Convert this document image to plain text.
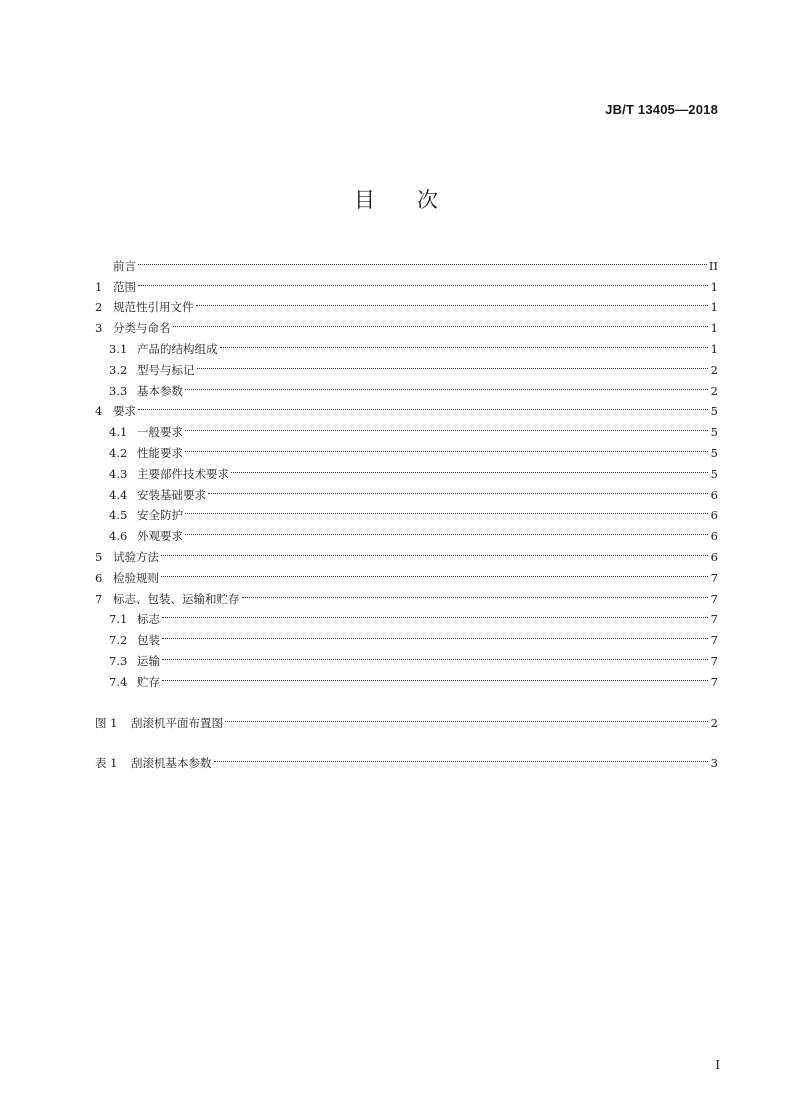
JB/T 13405—2018
目次
前言	II
1 范围	1
2 规范性引用文件	1
3 分类与命名	1
3.1 产品的结构组成	1
3.2 型号与标记	2
3.3 基本参数	2
4 要求	5
4.1 一般要求	5
4.2 性能要求	5
4.3 主要部件技术要求	5
4.4 安装基础要求	6
4.5 安全防护	6
4.6 外观要求	6
5 试验方法	6
6 检验规则	7
7 标志、包装、运输和贮存	7
7.1 标志	7
7.2 包装	7
7.3 运输	7
7.4 贮存	7
图 1	刮滚机平面布置图	2
表 1	刮滚机基本参数	3
I
